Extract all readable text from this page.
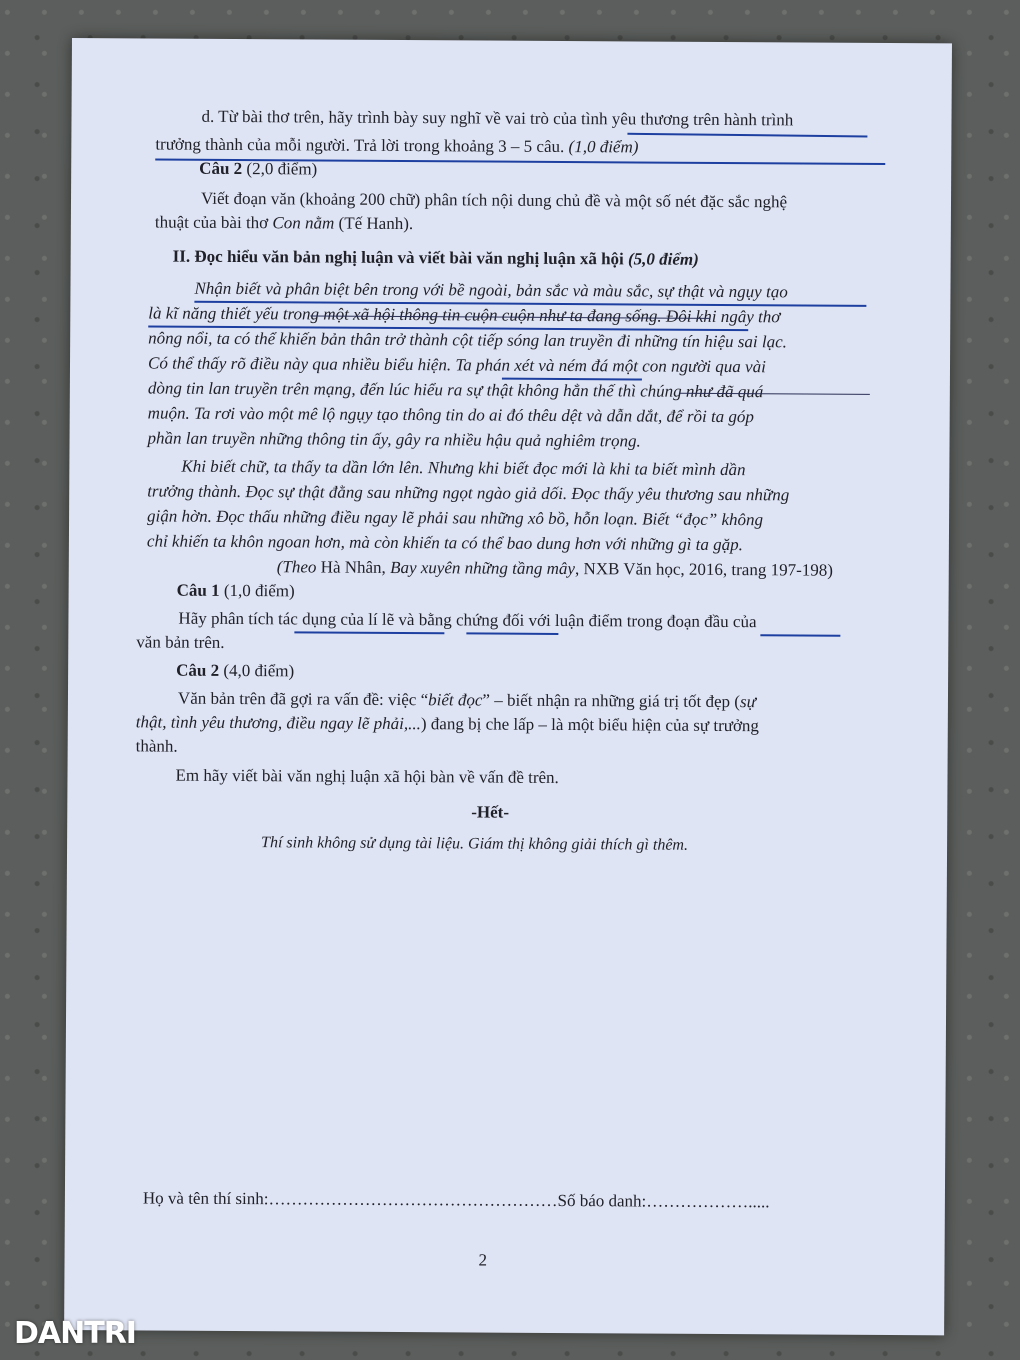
d. Từ bài thơ trên, hãy trình bày suy nghĩ về vai trò của tình yêu thương trên hành trình
trưởng thành của mỗi người. Trả lời trong khoảng 3 – 5 câu. (1,0 điểm)
Câu 2 (2,0 điểm)
Viết đoạn văn (khoảng 200 chữ) phân tích nội dung chủ đề và một số nét đặc sắc nghệ
thuật của bài thơ Con nằm (Tế Hanh).
II. Đọc hiểu văn bản nghị luận và viết bài văn nghị luận xã hội (5,0 điểm)
Nhận biết và phân biệt bên trong với bề ngoài, bản sắc và màu sắc, sự thật và ngụy tạo
là kĩ năng thiết yếu trong một xã hội thông tin cuộn cuộn như ta đang sống. Đôi khi ngây thơ
nông nổi, ta có thể khiến bản thân trở thành cột tiếp sóng lan truyền đi những tín hiệu sai lạc.
Có thể thấy rõ điều này qua nhiều biểu hiện. Ta phán xét và ném đá một con người qua vài
dòng tin lan truyền trên mạng, đến lúc hiểu ra sự thật không hẳn thế thì chúng như đã quá
muộn. Ta rơi vào một mê lộ ngụy tạo thông tin do ai đó thêu dệt và dẫn dắt, để rồi ta góp
phần lan truyền những thông tin ấy, gây ra nhiều hậu quả nghiêm trọng.
Khi biết chữ, ta thấy ta dần lớn lên. Nhưng khi biết đọc mới là khi ta biết mình dần
trưởng thành. Đọc sự thật đằng sau những ngọt ngào giả dối. Đọc thấy yêu thương sau những
giận hờn. Đọc thấu những điều ngay lẽ phải sau những xô bồ, hỗn loạn. Biết “đọc” không
chỉ khiến ta khôn ngoan hơn, mà còn khiến ta có thể bao dung hơn với những gì ta gặp.
(Theo Hà Nhân, Bay xuyên những tầng mây, NXB Văn học, 2016, trang 197-198)
Câu 1 (1,0 điểm)
Hãy phân tích tác dụng của lí lẽ và bằng chứng đối với luận điểm trong đoạn đầu của
văn bản trên.
Câu 2 (4,0 điểm)
Văn bản trên đã gợi ra vấn đề: việc “biết đọc” – biết nhận ra những giá trị tốt đẹp (sự
thật, tình yêu thương, điều ngay lẽ phải,...) đang bị che lấp – là một biểu hiện của sự trưởng
thành.
Em hãy viết bài văn nghị luận xã hội bàn về vấn đề trên.
-Hết-
Thí sinh không sử dụng tài liệu. Giám thị không giải thích gì thêm.
Họ và tên thí sinh:……………………………………………Số báo danh:……………….....
2
DANTRI
